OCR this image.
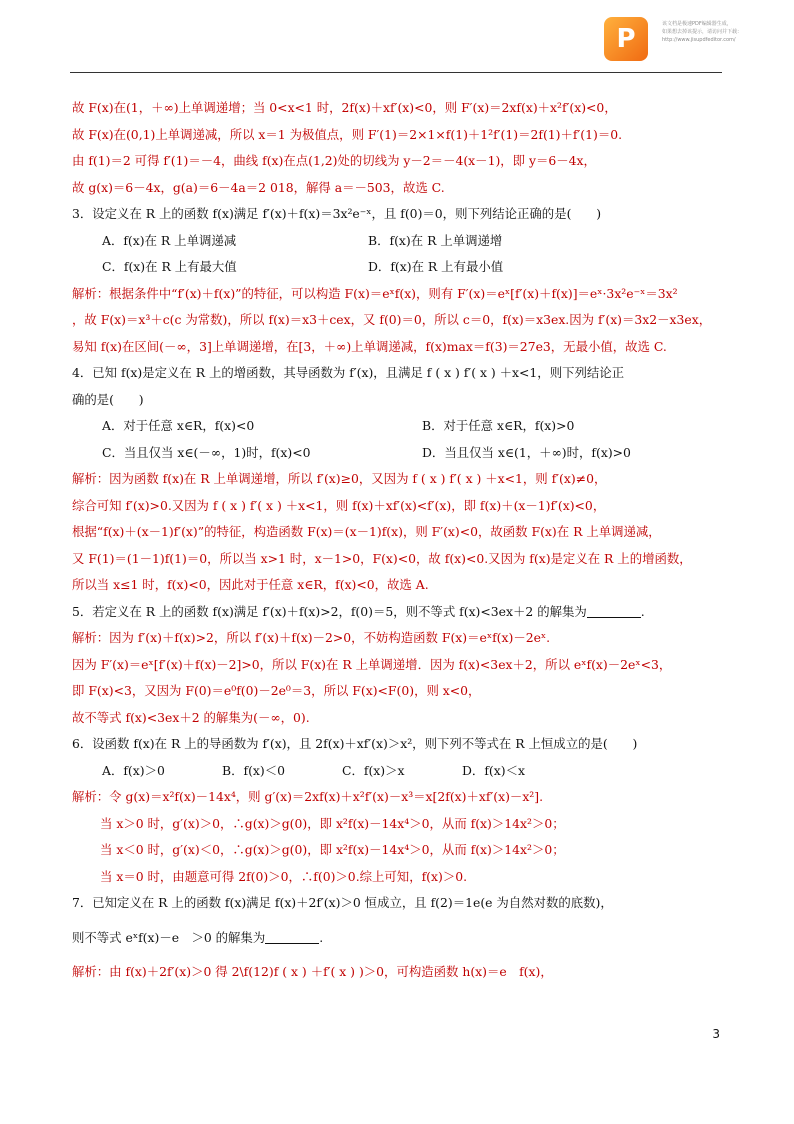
P	该文档是极速PDF编辑器生成，
如果想去掉该提示，请访问并下载：
http://www.jisupdfeditor.com/

故 F(x)在(1，＋∞)上单调递增；当 0<x<1 时，2f(x)＋xf′(x)<0，则 F′(x)＝2xf(x)＋x²f′(x)<0，

故 F(x)在(0,1)上单调递减，所以 x＝1 为极值点，则 F′(1)＝2×1×f(1)＋1²f′(1)＝2f(1)＋f′(1)＝0.

由 f(1)＝2 可得 f′(1)＝－4，曲线 f(x)在点(1,2)处的切线为 y－2＝－4(x－1)，即 y＝6－4x，

故 g(x)＝6－4x，g(a)＝6－4a＝2 018，解得 a＝－503，故选 C.

3．设定义在 R 上的函数 f(x)满足 f′(x)＋f(x)＝3x²e⁻ˣ，且 f(0)＝0，则下列结论正确的是(　　)

A．f(x)在 R 上单调递减	B．f(x)在 R 上单调递增

C．f(x)在 R 上有最大值	D．f(x)在 R 上有最小值

解析：根据条件中“f′(x)＋f(x)”的特征，可以构造 F(x)＝eˣf(x)，则有 F′(x)＝eˣ[f′(x)＋f(x)]＝eˣ·3x²e⁻ˣ＝3x²

，故 F(x)＝x³＋c(c 为常数)，所以 f(x)＝x3＋cex，又 f(0)＝0，所以 c＝0，f(x)＝x3ex.因为 f′(x)＝3x2－x3ex，

易知 f(x)在区间(－∞，3]上单调递增，在[3，＋∞)上单调递减，f(x)max＝f(3)＝27e3，无最小值，故选 C.

4．已知 f(x)是定义在 R 上的增函数，其导函数为 f′(x)，且满足 f ( x ) f′( x ) ＋x<1，则下列结论正

确的是(　　)

A．对于任意 x∈R，f(x)<0	B．对于任意 x∈R，f(x)>0

C．当且仅当 x∈(－∞，1)时，f(x)<0	D．当且仅当 x∈(1，＋∞)时，f(x)>0

解析：因为函数 f(x)在 R 上单调递增，所以 f′(x)≥0，又因为 f ( x ) f′( x ) ＋x<1，则 f′(x)≠0，

综合可知 f′(x)>0.又因为 f ( x ) f′( x ) ＋x<1，则 f(x)＋xf′(x)<f′(x)，即 f(x)＋(x－1)f′(x)<0，

根据“f(x)＋(x－1)f′(x)”的特征，构造函数 F(x)＝(x－1)f(x)，则 F′(x)<0，故函数 F(x)在 R 上单调递减，

又 F(1)＝(1－1)f(1)＝0，所以当 x>1 时，x－1>0，F(x)<0，故 f(x)<0.又因为 f(x)是定义在 R 上的增函数，

所以当 x≤1 时，f(x)<0，因此对于任意 x∈R，f(x)<0，故选 A.

5．若定义在 R 上的函数 f(x)满足 f′(x)＋f(x)>2，f(0)＝5，则不等式 f(x)<3ex＋2 的解集为	.

解析：因为 f′(x)＋f(x)>2，所以 f′(x)＋f(x)－2>0，不妨构造函数 F(x)＝eˣf(x)－2eˣ.

因为 F′(x)＝eˣ[f′(x)＋f(x)－2]>0，所以 F(x)在 R 上单调递增．因为 f(x)<3ex＋2，所以 eˣf(x)－2eˣ<3，

即 F(x)<3，又因为 F(0)＝e⁰f(0)－2e⁰＝3，所以 F(x)<F(0)，则 x<0，

故不等式 f(x)<3ex＋2 的解集为(－∞，0).

6．设函数 f(x)在 R 上的导函数为 f′(x)，且 2f(x)＋xf′(x)＞x²，则下列不等式在 R 上恒成立的是(　　)

A．f(x)＞0	B．f(x)＜0	C．f(x)＞x	D．f(x)＜x

解析：令 g(x)＝x²f(x)－14x⁴，则 g′(x)＝2xf(x)＋x²f′(x)－x³＝x[2f(x)＋xf′(x)－x²].

当 x＞0 时，g′(x)＞0，∴g(x)＞g(0)，即 x²f(x)－14x⁴＞0，从而 f(x)＞14x²＞0；

当 x＜0 时，g′(x)＜0，∴g(x)＞g(0)，即 x²f(x)－14x⁴＞0，从而 f(x)＞14x²＞0；

当 x＝0 时，由题意可得 2f(0)＞0，∴f(0)＞0.综上可知，f(x)＞0.

7．已知定义在 R 上的函数 f(x)满足 f(x)＋2f′(x)＞0 恒成立，且 f(2)＝1e(e 为自然对数的底数)，

则不等式 eˣf(x)－e　＞0 的解集为	.

解析：由 f(x)＋2f′(x)＞0 得 2\f(12)f ( x ) ＋f′( x ) )＞0，可构造函数 h(x)＝e　f(x)，

3
